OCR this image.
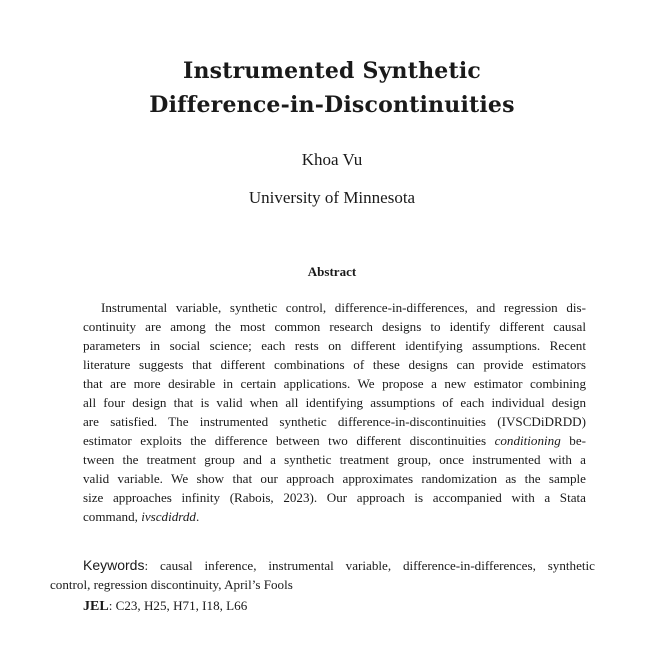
Instrumented Synthetic
Difference-in-Discontinuities
Khoa Vu
University of Minnesota
Abstract
Instrumental variable, synthetic control, difference-in-differences, and regression dis-
continuity are among the most common research designs to identify different causal
parameters in social science; each rests on different identifying assumptions. Recent
literature suggests that different combinations of these designs can provide estimators
that are more desirable in certain applications. We propose a new estimator combining
all four design that is valid when all identifying assumptions of each individual design
are satisfied. The instrumented synthetic difference-in-discontinuities (IVSCDiDRDD)
estimator exploits the difference between two different discontinuities conditioning be-
tween the treatment group and a synthetic treatment group, once instrumented with a
valid variable. We show that our approach approximates randomization as the sample
size approaches infinity (Rabois, 2023). Our approach is accompanied with a Stata
command, ivscdidrdd.
Keywords: causal inference, instrumental variable, difference-in-differences, synthetic
control, regression discontinuity, April’s Fools
JEL: C23, H25, H71, I18, L66
